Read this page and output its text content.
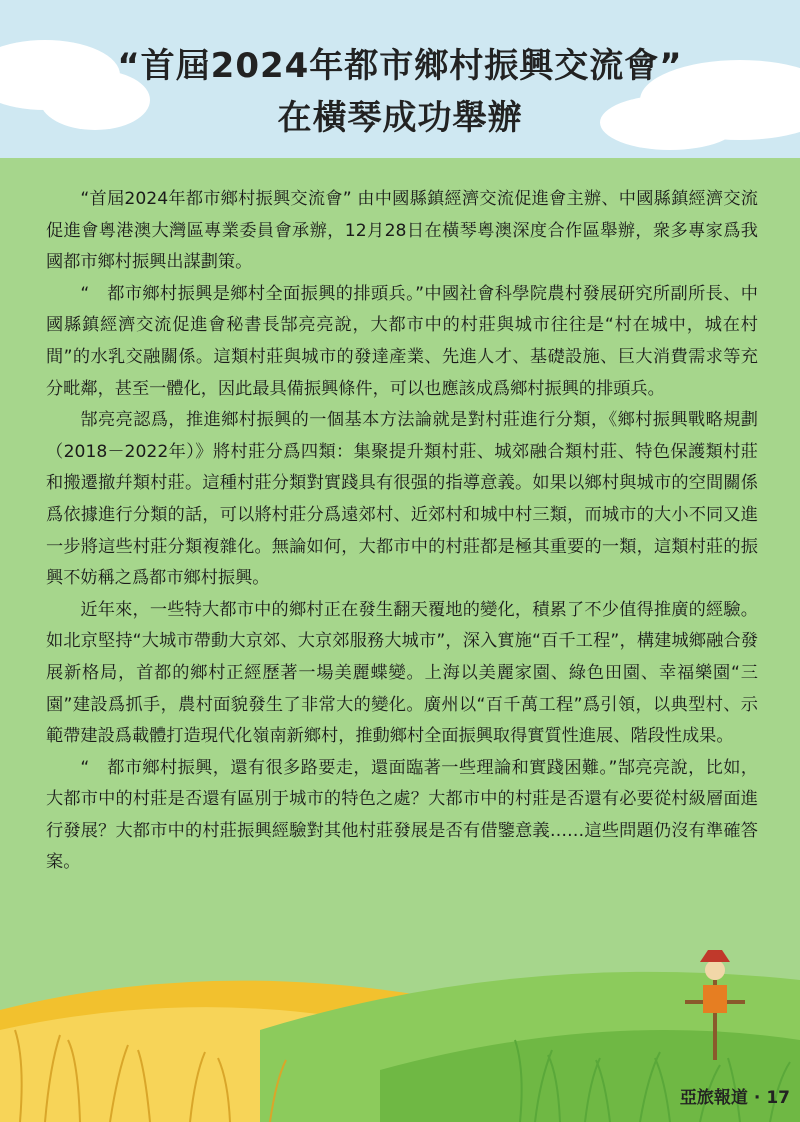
“首屆2024年都市鄉村振興交流會”
在橫琴成功舉辦

“首屆2024年都市鄉村振興交流會” 由中國縣鎮經濟交流促進會主辦、中國縣鎮經濟交流促進會粵港澳大灣區專業委員會承辦，12月28日在橫琴粵澳深度合作區舉辦，衆多專家爲我國都市鄉村振興出謀劃策。

“　都市鄉村振興是鄉村全面振興的排頭兵。”中國社會科學院農村發展研究所副所長、中國縣鎮經濟交流促進會秘書長郜亮亮說，大都市中的村莊與城市往往是“村在城中，城在村間”的水乳交融關係。這類村莊與城市的發達產業、先進人才、基礎設施、巨大消費需求等充分毗鄰，甚至一體化，因此最具備振興條件，可以也應該成爲鄉村振興的排頭兵。

郜亮亮認爲，推進鄉村振興的一個基本方法論就是對村莊進行分類，《鄉村振興戰略規劃（2018－2022年）》將村莊分爲四類：集聚提升類村莊、城郊融合類村莊、特色保護類村莊和搬遷撤幷類村莊。這種村莊分類對實踐具有很强的指導意義。如果以鄉村與城市的空間關係爲依據進行分類的話，可以將村莊分爲遠郊村、近郊村和城中村三類，而城市的大小不同又進一步將這些村莊分類複雜化。無論如何，大都市中的村莊都是極其重要的一類，這類村莊的振興不妨稱之爲都市鄉村振興。

近年來，一些特大都市中的鄉村正在發生翻天覆地的變化，積累了不少值得推廣的經驗。如北京堅持“大城市帶動大京郊、大京郊服務大城市”，深入實施“百千工程”，構建城鄉融合發展新格局，首都的鄉村正經歷著一場美麗蝶變。上海以美麗家園、綠色田園、幸福樂園“三園”建設爲抓手，農村面貌發生了非常大的變化。廣州以“百千萬工程”爲引領，以典型村、示範帶建設爲載體打造現代化嶺南新鄉村，推動鄉村全面振興取得實質性進展、階段性成果。

“　都市鄉村振興，還有很多路要走，還面臨著一些理論和實踐困難。”郜亮亮說，比如，大都市中的村莊是否還有區別于城市的特色之處？大都市中的村莊是否還有必要從村級層面進行發展？大都市中的村莊振興經驗對其他村莊發展是否有借鑒意義……這些問題仍沒有準確答案。

亞旅報道 · 17
